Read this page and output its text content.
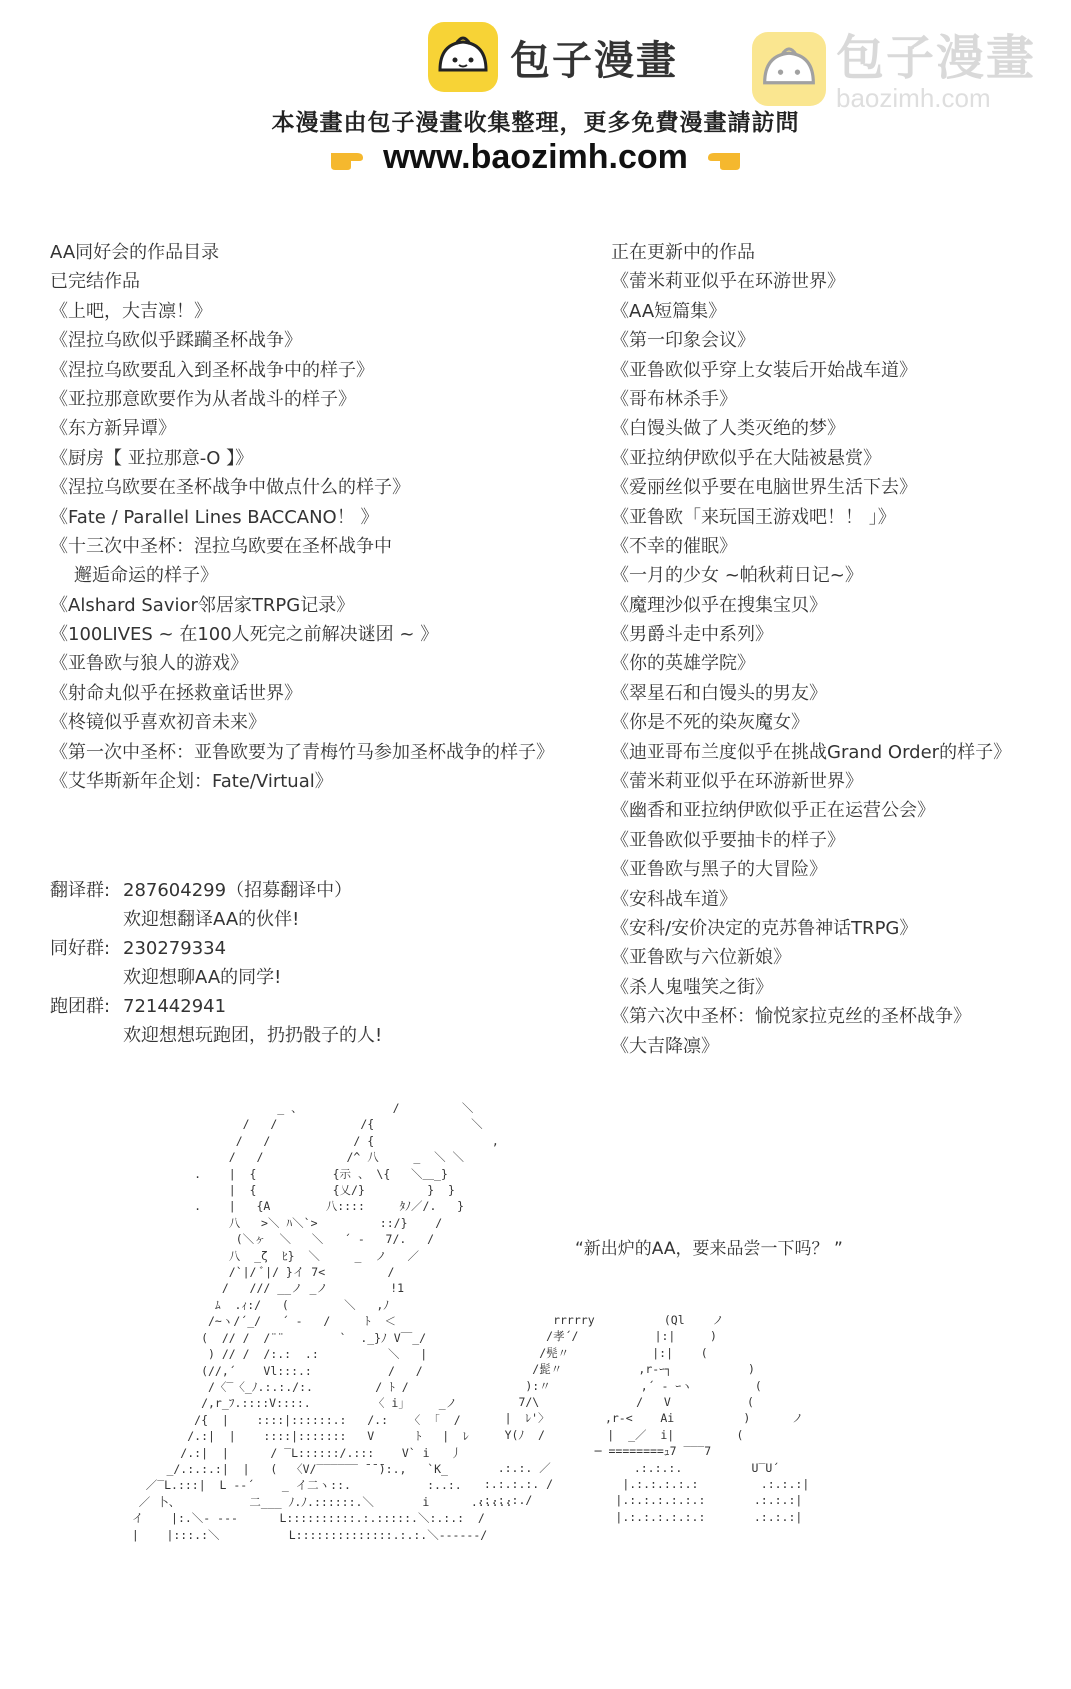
包子漫畫	包子漫畫
baozimh.com
本漫畫由包子漫畫收集整理，更多免費漫畫請訪問
www.baozimh.com
AA同好会的作品目录
已完结作品
《上吧，大吉凛！》
《涅拉乌欧似乎蹂躏圣杯战争》
《涅拉乌欧要乱入到圣杯战争中的样子》
《亚拉那意欧要作为从者战斗的样子》
《东方新异谭》
《厨房【 亚拉那意-O 】》
《涅拉乌欧要在圣杯战争中做点什么的样子》
《Fate / Parallel Lines BACCANO！ 》
《十三次中圣杯：涅拉乌欧要在圣杯战争中
邂逅命运的样子》
《Alshard Savior邻居家TRPG记录》
《100LIVES ~ 在100人死完之前解决谜团 ~ 》
《亚鲁欧与狼人的游戏》
《射命丸似乎在拯救童话世界》
《柊镜似乎喜欢初音未来》
《第一次中圣杯：亚鲁欧要为了青梅竹马参加圣杯战争的样子》
《艾华斯新年企划：Fate/Virtual》
翻译群: 287604299（招募翻译中）
欢迎想翻译AA的伙伴!
同好群: 230279334
欢迎想聊AA的同学!
跑团群: 721442941
欢迎想想玩跑团，扔扔骰子的人!
正在更新中的作品
《蕾米莉亚似乎在环游世界》
《AA短篇集》
《第一印象会议》
《亚鲁欧似乎穿上女装后开始战车道》
《哥布林杀手》
《白馒头做了人类灭绝的梦》
《亚拉纳伊欧似乎在大陆被悬赏》
《爱丽丝似乎要在电脑世界生活下去》
《亚鲁欧「来玩国王游戏吧！！ 」》
《不幸的催眠》
《一月的少女 ~帕秋莉日记~》
《魔理沙似乎在搜集宝贝》
《男爵斗走中系列》
《你的英雄学院》
《翠星石和白馒头的男友》
《你是不死的染灰魔女》
《迪亚哥布兰度似乎在挑战Grand Order的样子》
《蕾米莉亚似乎在环游新世界》
《幽香和亚拉纳伊欧似乎正在运营公会》
《亚鲁欧似乎要抽卡的样子》
《亚鲁欧与黑子的大冒险》
《安科战车道》
《安科/安价决定的克苏鲁神话TRPG》
《亚鲁欧与六位新娘》
《杀人鬼嗤笑之街》
《第六次中圣杯：愉悦家拉克丝的圣杯战争》
《大吉降凛》
_ 、             /         ＼
/   /            /{              ＼
/   /            / {                 ,
/   /            /^ 八     _  ＼ ＼
.    |  {           {示 、 \{   ＼＿_}
|  {           {乂/}         }  }
.    |   {A        八::::     ﾀﾉ／/.   }
八   >＼ ﾊ＼`>         ::/}    /
(＼ヶ  ＼   ＼   ´ ‐   7/.   /
八  _ζ  ﾋ}  ＼     _  ノ   ／
/`|/ ﾞ|/ }イ 7<         /
/   /// __ノ _ノ         !1
ﾑ  .ｨ:/   (        ＼   ,ﾉ
/~ヽ/´_/   ´ ‐   /     ﾄ  ＜
(  // /  /¨¨        `  ._}ﾉ V￣_/
) // /  /:.:  .:          ＼   |
(//,´    Vl:::.:           /   /
/〈‾〈_ﾉ.:.:./:.         / ﾄ /
/,r_ﾌ.::::V::::.         〈 i｣     _ノ
/{  |    ::::|::::::.:   /.:   〈  ｢  /
/.:|  |    ::::|:::::::   V      ﾄ   |  ﾚ
/.:|  |      / ‾L::::::/.:::    V` i   丿
_/.:.:.:|  |   (  〈V/‾‾‾‾‾‾ ̄ ̄ ̄):.,   `K_
／‾L.:::|  L -‐´    _ イ二ヽ::.           :..:.
／ 卜、          二___ ﾉ.ﾉ.::::::.＼       i      .:.:.:
イ    |:.＼‐ ‐‐‐      L::::::::::.:.:::::.＼:.:.:  /
|    |:::.:＼          L::::::::::::::.:.:.＼‐‐‐‐‐‐/

rrrrry          (Ql    ノ
/孝´/           |:|     )
/髡〃            |:|    (
/髭〃           ,r‐ｰ┐           )
):〃             ,´ ‐ ｰヽ         (
7/\              /   V           (
|  ﾚ'〉        ,r‐<    Ai          )      ノ
Y(ﾉ  /         |  _／  i|         (
─ ========ｭ7 ‾‾‾7
.:.:. ／            .:.:.:.          U‾U´
:.:.:.:. /          |.:.:.:.:.:         .:.:.:|
.:.:.:./            |.:.:.:.:.:.:       .:.:.:|
|.:.:.:.:.:.:       .:.:.:|

“新出炉的AA，要来品尝一下吗？ ”
